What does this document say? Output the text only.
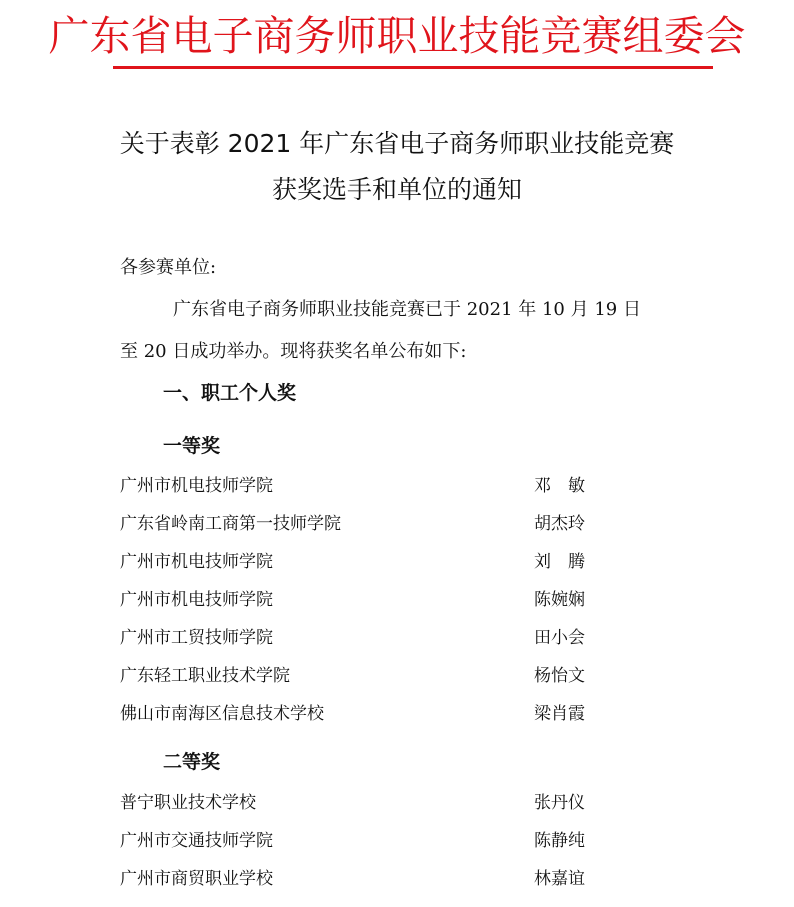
广东省电子商务师职业技能竞赛组委会
关于表彰 2021 年广东省电子商务师职业技能竞赛
获奖选手和单位的通知
各参赛单位:
广东省电子商务师职业技能竞赛已于 2021 年 10 月 19 日
至 20 日成功举办。现将获奖名单公布如下:
一、职工个人奖
一等奖
广州市机电技师学院	邓　敏
广东省岭南工商第一技师学院	胡杰玲
广州市机电技师学院	刘　腾
广州市机电技师学院	陈婉娴
广州市工贸技师学院	田小会
广东轻工职业技术学院	杨怡文
佛山市南海区信息技术学校	梁肖霞
二等奖
普宁职业技术学校	张丹仪
广州市交通技师学院	陈静纯
广州市商贸职业学校	林嘉谊
